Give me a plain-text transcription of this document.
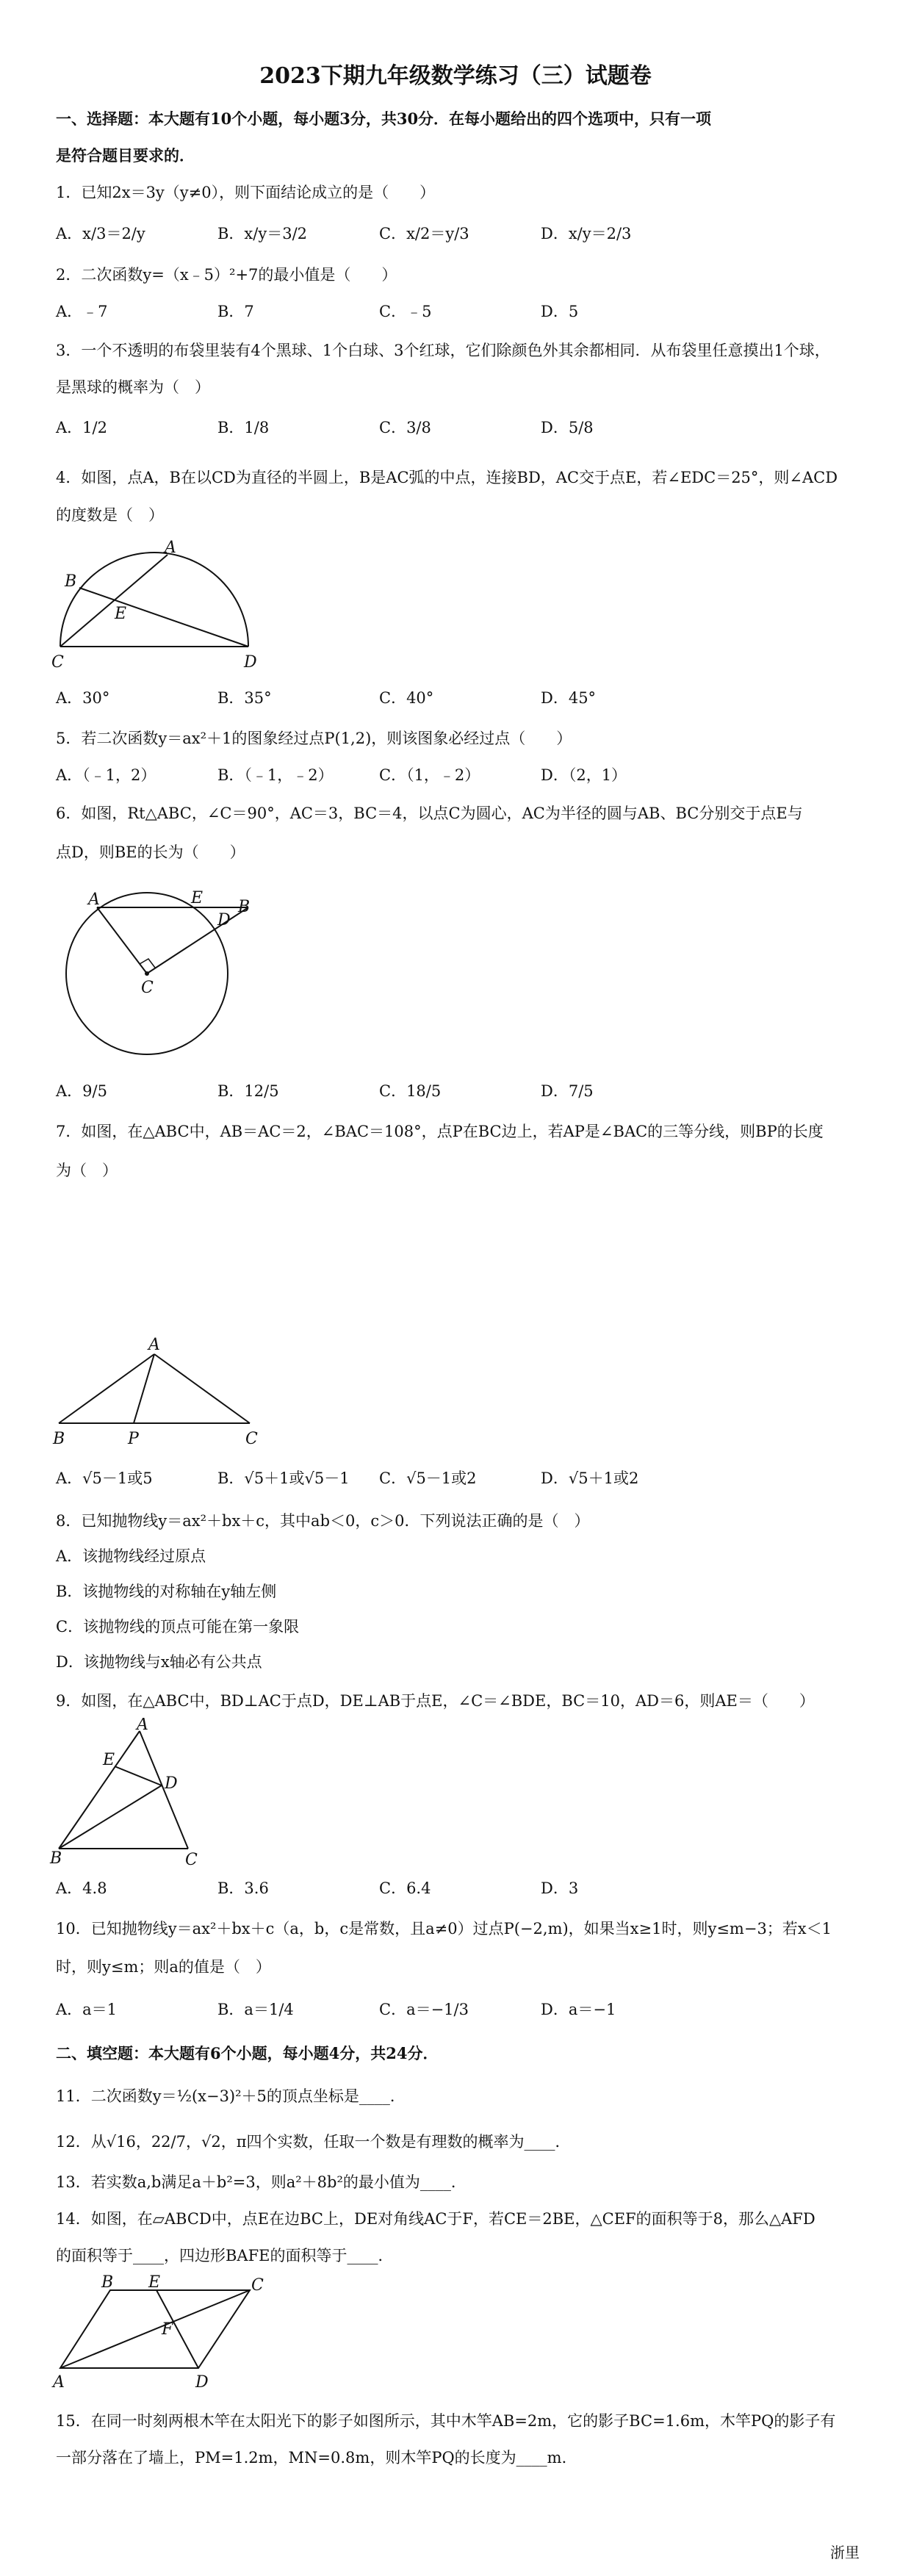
2023下期九年级数学练习（三）试题卷
一、选择题：本大题有10个小题，每小题3分，共30分．在每小题给出的四个选项中，只有一项
是符合题目要求的．
1．已知2x＝3y（y≠0），则下面结论成立的是（　　）
A．x/3＝2/y	B．x/y＝3/2	C．x/2＝y/3	D．x/y＝2/3
2．二次函数y=（x﹣5）²+7的最小值是（　　）
A．﹣7	B．7	C．﹣5	D．5
3．一个不透明的布袋里装有4个黑球、1个白球、3个红球，它们除颜色外其余都相同．从布袋里任意摸出1个球，
是黑球的概率为（　）
A．1/2	B．1/8	C．3/8	D．5/8
4．如图，点A，B在以CD为直径的半圆上，B是AC弧的中点，连接BD，AC交于点E，若∠EDC＝25°，则∠ACD
的度数是（　）
A
B
E
C	D
A．30°	B．35°	C．40°	D．45°
5．若二次函数y＝ax²＋1的图象经过点P(1,2)，则该图象必经过点（　　）
A．（﹣1，2）	B．（﹣1，﹣2）	C．（1，﹣2）	D．（2，1）
6．如图，Rt△ABC，∠C＝90°，AC＝3，BC＝4，以点C为圆心，AC为半径的圆与AB、BC分别交于点E与
点D，则BE的长为（　　）
A	E B
D
C
A．9/5	B．12/5	C．18/5	D．7/5
7．如图，在△ABC中，AB＝AC＝2，∠BAC＝108°，点P在BC边上，若AP是∠BAC的三等分线，则BP的长度
为（　）
A
B	P	C
A．√5－1或5	B．√5＋1或√5－1 C．√5－1或2	D．√5＋1或2
8．已知抛物线y＝ax²＋bx＋c，其中ab＜0，c＞0．下列说法正确的是（　）
A．该抛物线经过原点
B．该抛物线的对称轴在y轴左侧
C．该抛物线的顶点可能在第一象限
D．该抛物线与x轴必有公共点
9．如图，在△ABC中，BD⊥AC于点D，DE⊥AB于点E，∠C＝∠BDE，BC＝10，AD＝6，则AE＝（　　）
A
E
D
B	C
A．4.8	B．3.6	C．6.4	D．3
10．已知抛物线y＝ax²＋bx＋c（a，b，c是常数，且a≠0）过点P(−2,m)，如果当x≥1时，则y≤m−3；若x＜1
时，则y≤m；则a的值是（　）
A．a＝1	B．a＝1/4	C．a＝−1/3	D．a＝−1
二、填空题：本大题有6个小题，每小题4分，共24分．
11．二次函数y＝½(x−3)²＋5的顶点坐标是____．
12．从√16，22/7，√2，π四个实数，任取一个数是有理数的概率为____．
13．若实数a,b满足a＋b²=3，则a²＋8b²的最小值为____．
14．如图，在▱ABCD中，点E在边BC上，DE对角线AC于F，若CE＝2BE，△CEF的面积等于8，那么△AFD
的面积等于____，四边形BAFE的面积等于____．
B E	C
F
A	D
15．在同一时刻两根木竿在太阳光下的影子如图所示，其中木竿AB=2m，它的影子BC=1.6m，木竿PQ的影子有
一部分落在了墙上，PM=1.2m，MN=0.8m，则木竿PQ的长度为____m．
浙里
